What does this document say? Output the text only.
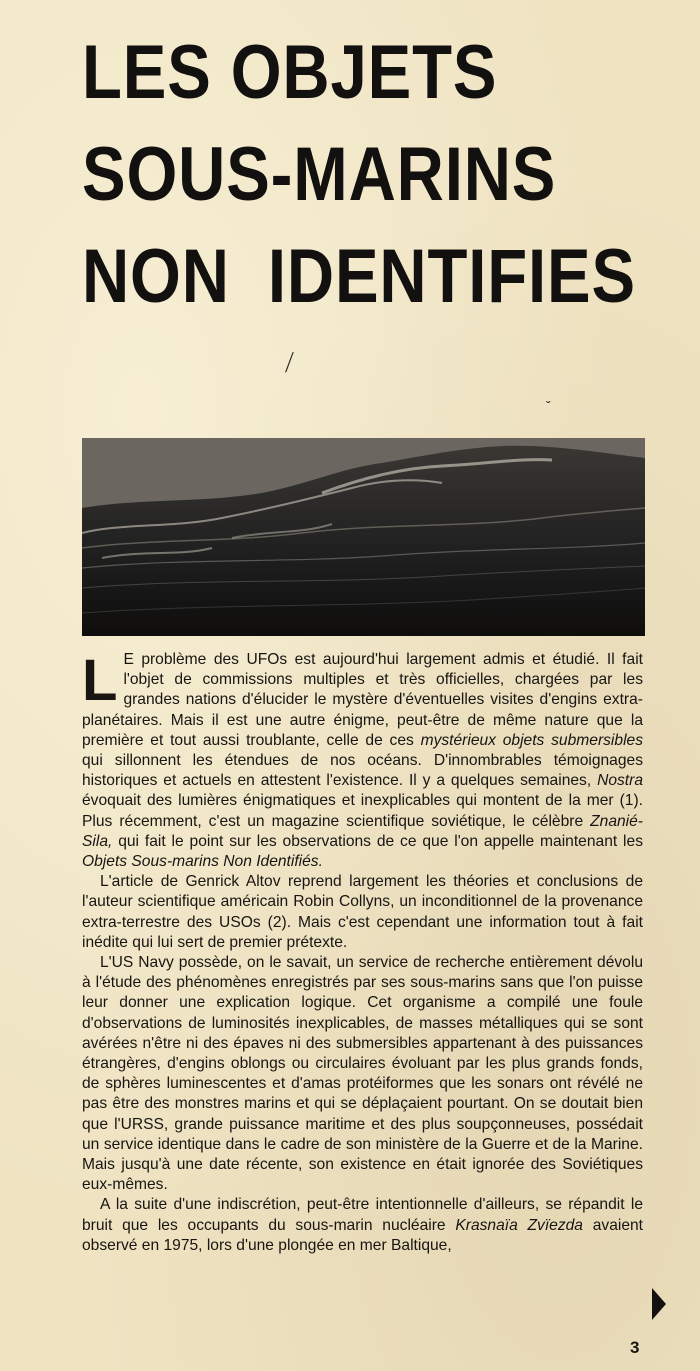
LES OBJETS
SOUS-MARINS
NON  IDENTIFIES
⟋
ˇ

L E problème des UFOs est aujourd'hui largement admis et étudié. Il fait l'objet de commissions multiples et très officielles, chargées par les grandes nations d'élucider le mystère d'éventuelles visites d'engins extra-planétaires. Mais il est une autre énigme, peut-être de même nature que la première et tout aussi troublante, celle de ces mystérieux objets submersibles qui sillonnent les étendues de nos océans. D'innombrables témoignages historiques et actuels en attestent l'existence. Il y a quelques semaines, Nostra évoquait des lumières énigmatiques et inexplicables qui montent de la mer (1). Plus récemment, c'est un magazine scientifique soviétique, le célèbre Znanié-Sila, qui fait le point sur les observations de ce que l'on appelle maintenant les Objets Sous-marins Non Identifiés.

L'article de Genrick Altov reprend largement les théories et conclusions de l'auteur scientifique américain Robin Collyns, un inconditionnel de la provenance extra-terrestre des USOs (2). Mais c'est cependant une information tout à fait inédite qui lui sert de premier prétexte.

L'US Navy possède, on le savait, un service de recherche entièrement dévolu à l'étude des phénomènes enregistrés par ses sous-marins sans que l'on puisse leur donner une explication logique. Cet organisme a compilé une foule d'observations de luminosités inexplicables, de masses métalliques qui se sont avérées n'être ni des épaves ni des submersibles appartenant à des puissances étrangères, d'engins oblongs ou circulaires évoluant par les plus grands fonds, de sphères luminescentes et d'amas protéiformes que les sonars ont révélé ne pas être des monstres marins et qui se déplaçaient pourtant. On se doutait bien que l'URSS, grande puissance maritime et des plus soupçonneuses, possédait un service identique dans le cadre de son ministère de la Guerre et de la Marine. Mais jusqu'à une date récente, son existence en était ignorée des Soviétiques eux-mêmes.

A la suite d'une indiscrétion, peut-être intentionnelle d'ailleurs, se répandit le bruit que les occupants du sous-marin nucléaire Krasnaïa Zvïezda avaient observé en 1975, lors d'une plongée en mer Baltique,

3
